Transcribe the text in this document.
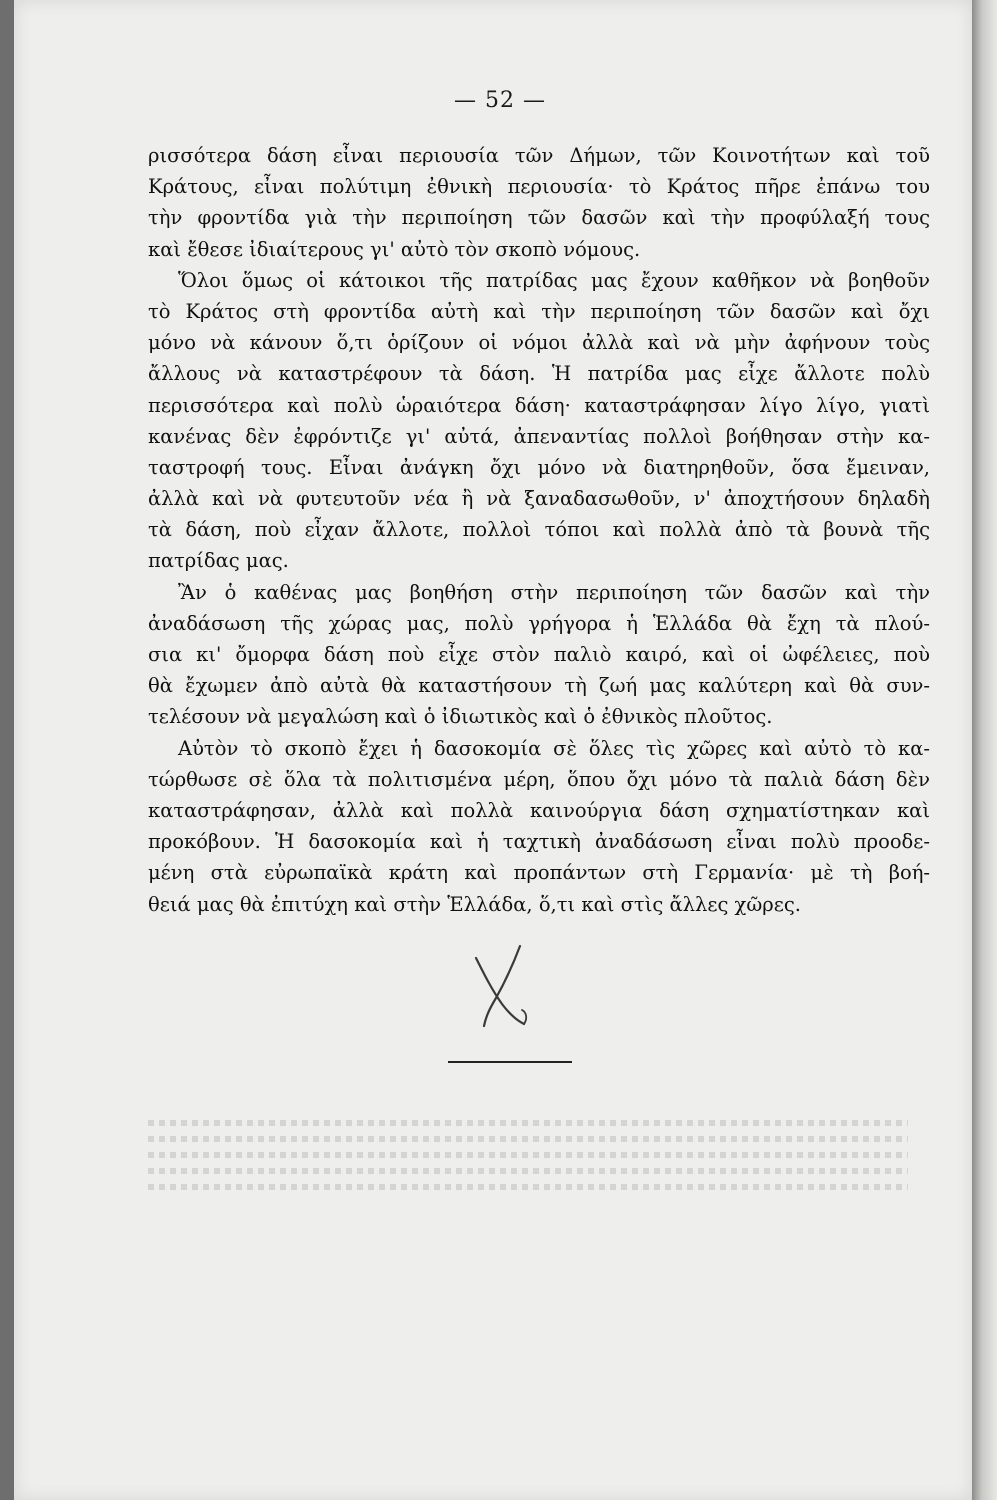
— 52 —
ρισσότερα δάση εἶναι περιουσία τῶν Δήμων, τῶν Κοινοτήτων καὶ τοῦ
Κράτους, εἶναι πολύτιμη ἐθνικὴ περιουσία· τὸ Κράτος πῆρε ἐπάνω του
τὴν φροντίδα γιὰ τὴν περιποίηση τῶν δασῶν καὶ τὴν προφύλαξή τους
καὶ ἔθεσε ἰδιαίτερους γι' αὐτὸ τὸν σκοπὸ νόμους.
Ὅλοι ὅμως οἱ κάτοικοι τῆς πατρίδας μας ἔχουν καθῆκον νὰ βοηθοῦν
τὸ Κράτος στὴ φροντίδα αὐτὴ καὶ τὴν περιποίηση τῶν δασῶν καὶ ὄχι
μόνο νὰ κάνουν ὅ,τι ὁρίζουν οἱ νόμοι ἀλλὰ καὶ νὰ μὴν ἀφήνουν τοὺς
ἄλλους νὰ καταστρέφουν τὰ δάση. Ἡ πατρίδα μας εἶχε ἄλλοτε πολὺ
περισσότερα καὶ πολὺ ὡραιότερα δάση· καταστράφησαν λίγο λίγο, γιατὶ
κανένας δὲν ἐφρόντιζε γι' αὐτά, ἀπεναντίας πολλοὶ βοήθησαν στὴν κα-
ταστροφή τους. Εἶναι ἀνάγκη ὄχι μόνο νὰ διατηρηθοῦν, ὅσα ἔμειναν,
ἀλλὰ καὶ νὰ φυτευτοῦν νέα ἢ νὰ ξαναδασωθοῦν, ν' ἀποχτήσουν δηλαδὴ
τὰ δάση, ποὺ εἶχαν ἄλλοτε, πολλοὶ τόποι καὶ πολλὰ ἀπὸ τὰ βουνὰ τῆς
πατρίδας μας.
Ἂν ὁ καθένας μας βοηθήση στὴν περιποίηση τῶν δασῶν καὶ τὴν
ἀναδάσωση τῆς χώρας μας, πολὺ γρήγορα ἡ Ἑλλάδα θὰ ἔχη τὰ πλού-
σια κι' ὄμορφα δάση ποὺ εἶχε στὸν παλιὸ καιρό, καὶ οἱ ὠφέλειες, ποὺ
θὰ ἔχωμεν ἀπὸ αὐτὰ θὰ καταστήσουν τὴ ζωή μας καλύτερη καὶ θὰ συν-
τελέσουν νὰ μεγαλώση καὶ ὁ ἰδιωτικὸς καὶ ὁ ἐθνικὸς πλοῦτος.
Αὐτὸν τὸ σκοπὸ ἔχει ἡ δασοκομία σὲ ὅλες τὶς χῶρες καὶ αὐτὸ τὸ κα-
τώρθωσε σὲ ὅλα τὰ πολιτισμένα μέρη, ὅπου ὄχι μόνο τὰ παλιὰ δάση δὲν
καταστράφησαν, ἀλλὰ καὶ πολλὰ καινούργια δάση σχηματίστηκαν καὶ
προκόβουν. Ἡ δασοκομία καὶ ἡ ταχτικὴ ἀναδάσωση εἶναι πολὺ προοδε-
μένη στὰ εὐρωπαϊκὰ κράτη καὶ προπάντων στὴ Γερμανία· μὲ τὴ βοή-
θειά μας θὰ ἐπιτύχη καὶ στὴν Ἑλλάδα, ὅ,τι καὶ στὶς ἄλλες χῶρες.
